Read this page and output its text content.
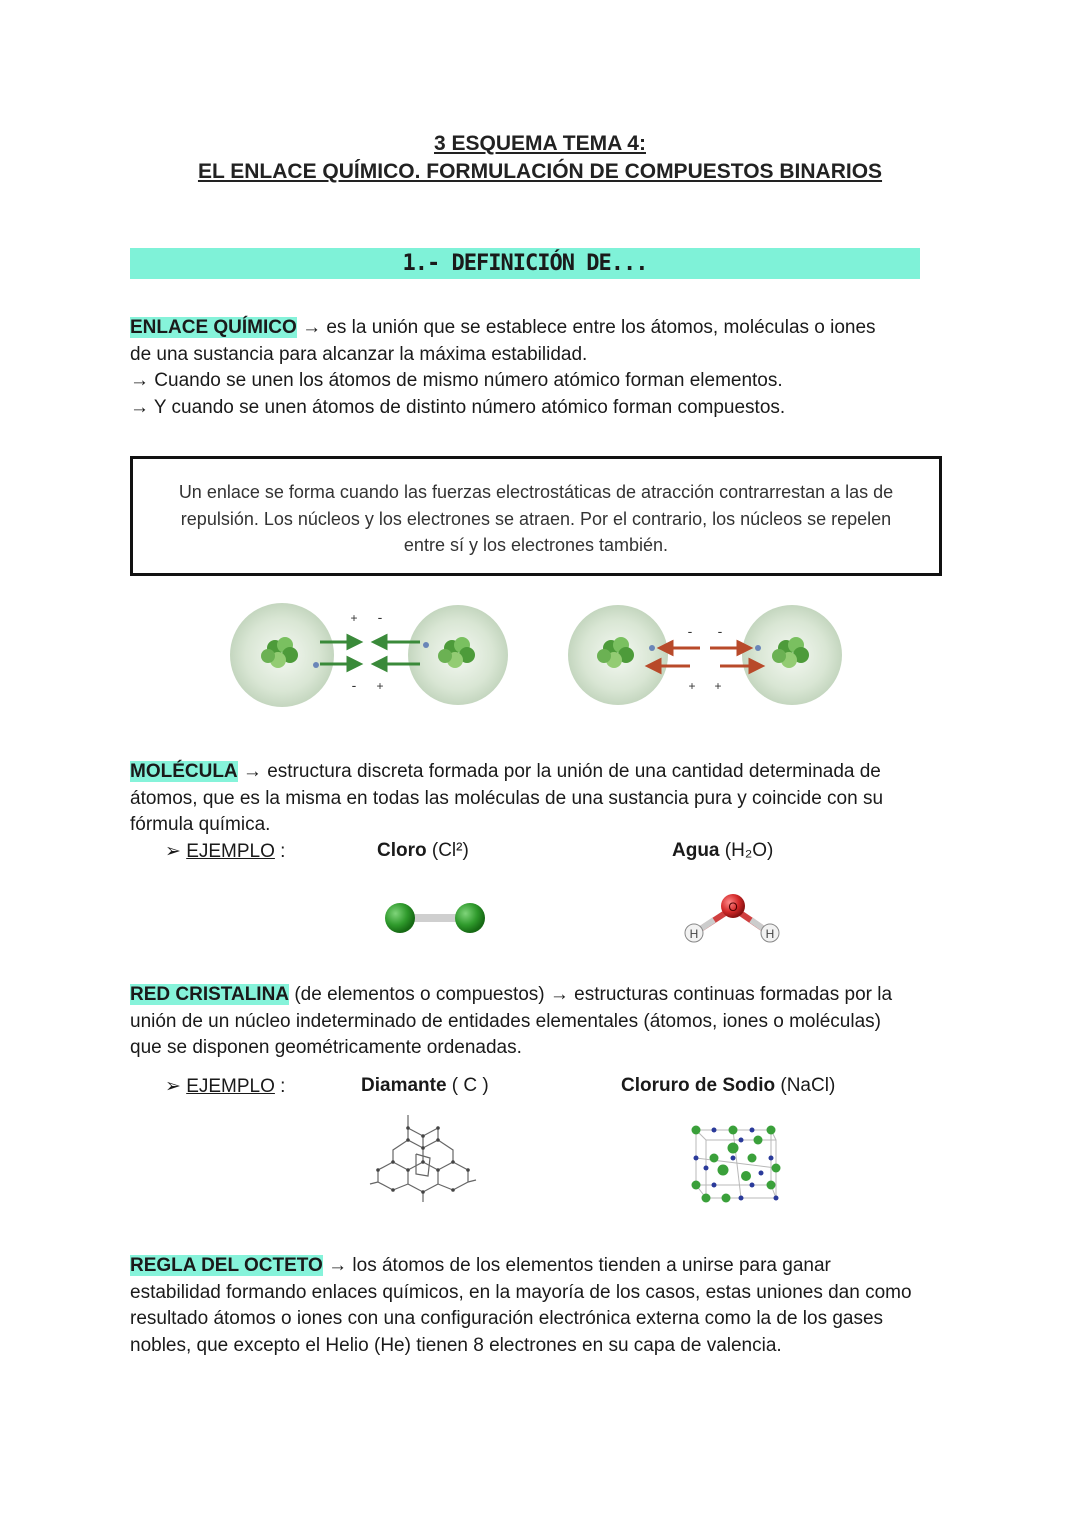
3 ESQUEMA TEMA 4:
EL ENLACE QUÍMICO. FORMULACIÓN DE COMPUESTOS BINARIOS
1.- DEFINICIÓN DE...
ENLACE QUÍMICO → es la unión que se establece entre los átomos, moléculas o iones
de una sustancia para alcanzar la máxima estabilidad.
→ Cuando se unen los átomos de mismo número atómico forman elementos.
→ Y cuando se unen átomos de distinto número atómico forman compuestos.
Un enlace se forma cuando las fuerzas electrostáticas de atracción contrarrestan a las de
repulsión. Los núcleos y los electrones se atraen. Por el contrario, los núcleos se repelen
entre sí y los electrones también.
+ -
- +
- -
+ +
MOLÉCULA → estructura discreta formada por la unión de una cantidad determinada de
átomos, que es la misma en todas las moléculas de una sustancia pura y coincide con su
fórmula química.
➢ EJEMPLO :	Cloro (Cl²)	Agua (H₂O)
O
H	H
RED CRISTALINA (de elementos o compuestos) → estructuras continuas formadas por la
unión de un núcleo indeterminado de entidades elementales (átomos, iones o moléculas)
que se disponen geométricamente ordenadas.
➢ EJEMPLO :	Diamante ( C )	Cloruro de Sodio (NaCl)
REGLA DEL OCTETO → los átomos de los elementos tienden a unirse para ganar
estabilidad formando enlaces químicos, en la mayoría de los casos, estas uniones dan como
resultado átomos o iones con una configuración electrónica externa como la de los gases
nobles, que excepto el Helio (He) tienen 8 electrones en su capa de valencia.
